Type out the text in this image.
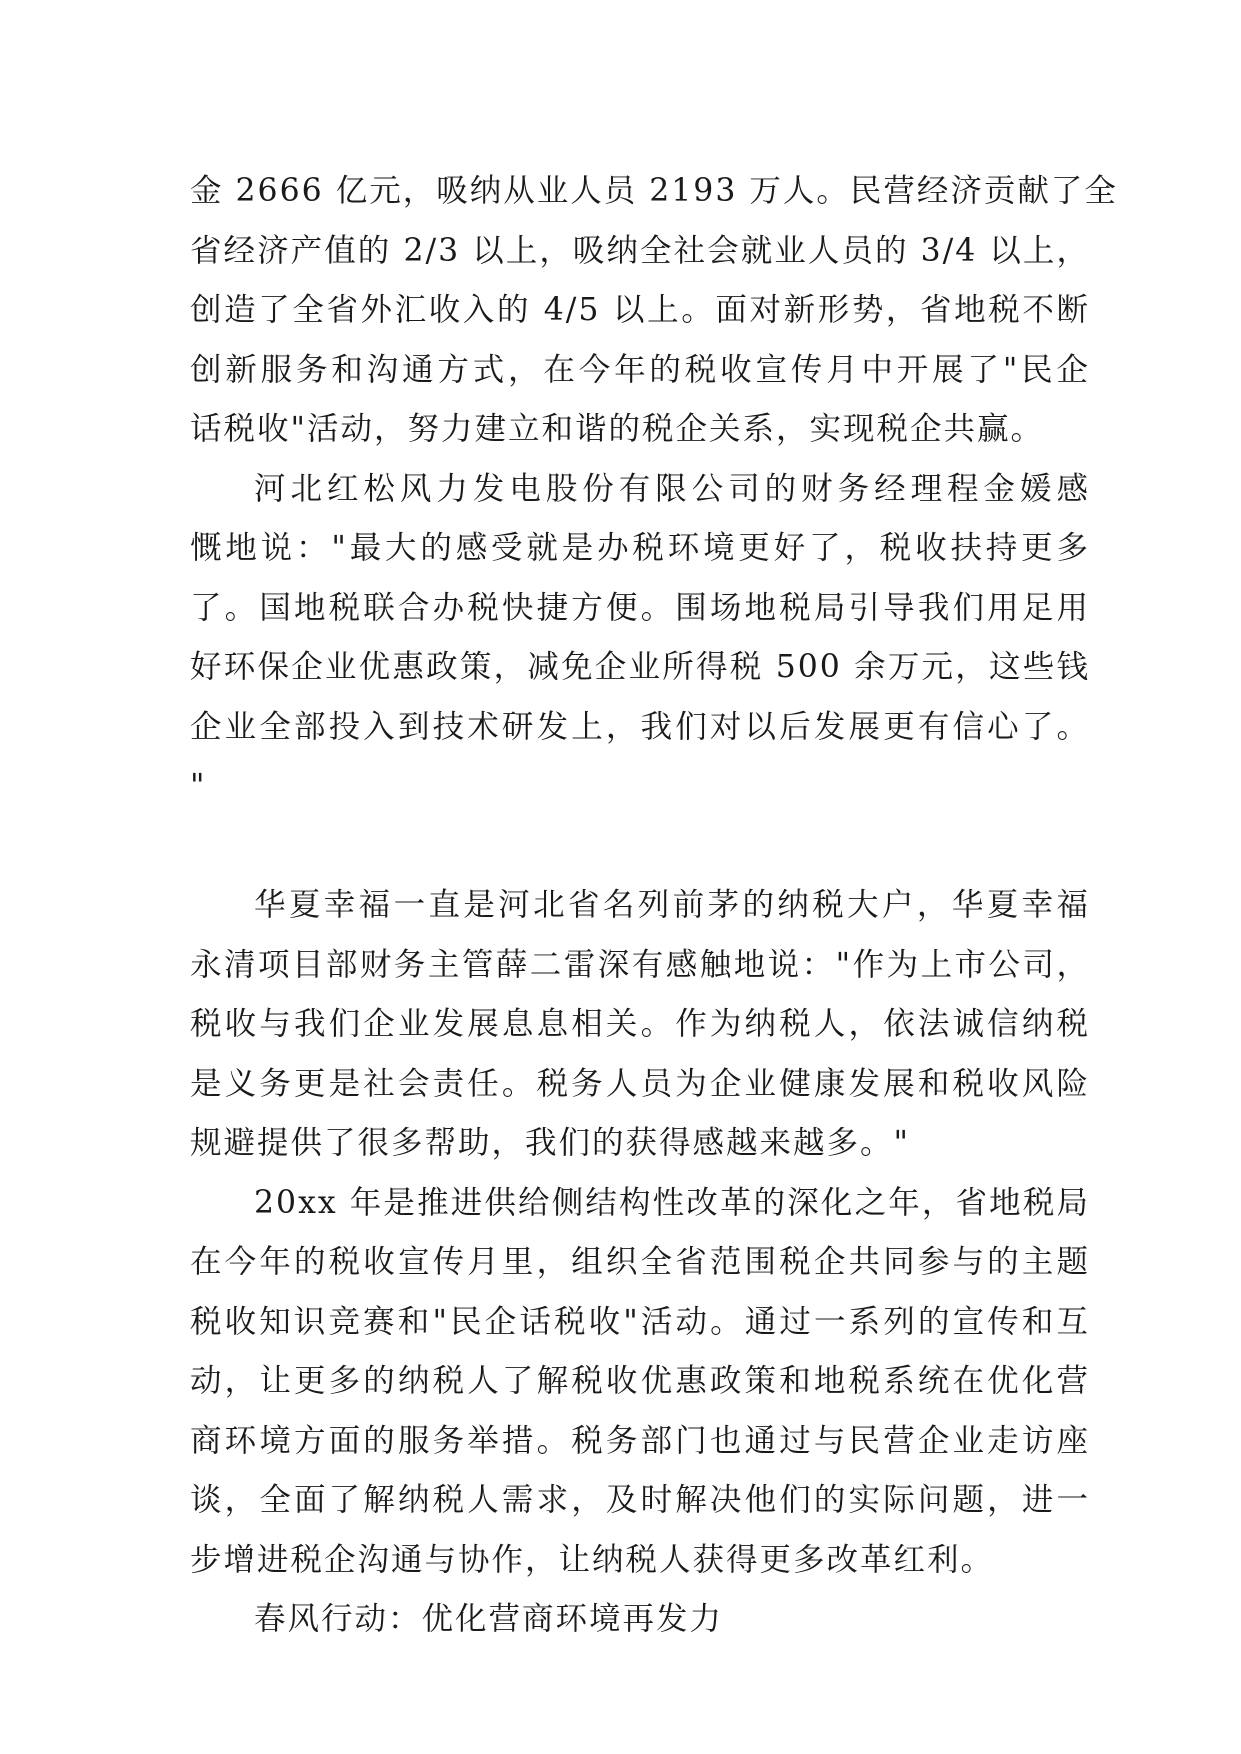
金 2666 亿元，吸纳从业人员 2193 万人。民营经济贡献了全
省经济产值的 2/3 以上，吸纳全社会就业人员的 3/4 以上，
创造了全省外汇收入的 4/5 以上。面对新形势，省地税不断
创新服务和沟通方式，在今年的税收宣传月中开展了"民企
话税收"活动，努力建立和谐的税企关系，实现税企共赢。

河北红松风力发电股份有限公司的财务经理程金媛感
慨地说："最大的感受就是办税环境更好了，税收扶持更多
了。国地税联合办税快捷方便。围场地税局引导我们用足用
好环保企业优惠政策，减免企业所得税 500 余万元，这些钱
企业全部投入到技术研发上，我们对以后发展更有信心了。
"

华夏幸福一直是河北省名列前茅的纳税大户，华夏幸福
永清项目部财务主管薛二雷深有感触地说："作为上市公司，
税收与我们企业发展息息相关。作为纳税人，依法诚信纳税
是义务更是社会责任。税务人员为企业健康发展和税收风险
规避提供了很多帮助，我们的获得感越来越多。"

20xx 年是推进供给侧结构性改革的深化之年，省地税局
在今年的税收宣传月里，组织全省范围税企共同参与的主题
税收知识竞赛和"民企话税收"活动。通过一系列的宣传和互
动，让更多的纳税人了解税收优惠政策和地税系统在优化营
商环境方面的服务举措。税务部门也通过与民营企业走访座
谈，全面了解纳税人需求，及时解决他们的实际问题，进一
步增进税企沟通与协作，让纳税人获得更多改革红利。

春风行动：优化营商环境再发力
